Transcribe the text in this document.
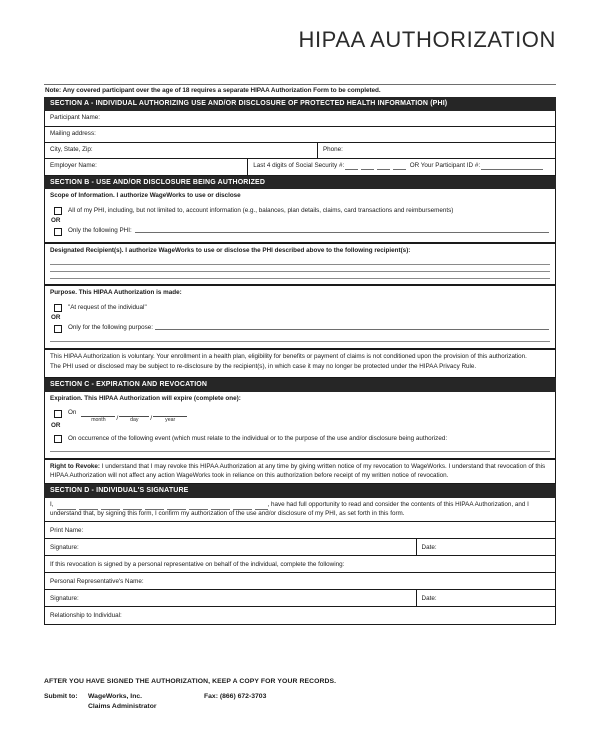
HIPAA AUTHORIZATION
Note: Any covered participant over the age of 18 requires a separate HIPAA Authorization Form to be completed.
SECTION A - INDIVIDUAL AUTHORIZING USE AND/OR DISCLOSURE OF PROTECTED HEALTH INFORMATION (PHI)
Participant Name:
Mailing address:
City, State, Zip:	Phone:
Employer Name:	Last 4 digits of Social Security #:	OR Your Participant ID #:
SECTION B - USE AND/OR DISCLOSURE BEING AUTHORIZED
Scope of Information. I authorize WageWorks to use or disclose
All of my PHI, including, but not limited to, account information (e.g., balances, plan details, claims, card transactions and reimbursements)
OR
Only the following PHI:
Designated Recipient(s). I authorize WageWorks to use or disclose the PHI described above to the following recipient(s):
Purpose. This HIPAA Authorization is made:
"At request of the individual"
OR
Only for the following purpose:
This HIPAA Authorization is voluntary. Your enrollment in a health plan, eligibility for benefits or payment of claims is not conditioned upon the provision of this authorization.
The PHI used or disclosed may be subject to re-disclosure by the recipient(s), in which case it may no longer be protected under the HIPAA Privacy Rule.
SECTION C - EXPIRATION AND REVOCATION
Expiration. This HIPAA Authorization will expire (complete one):
On
month	/	day	/	year
OR
On occurrence of the following event (which must relate to the individual or to the purpose of the use and/or disclosure being authorized:
Right to Revoke: I understand that I may revoke this HIPAA Authorization at any time by giving written notice of my revocation to WageWorks. I understand that revocation of this HIPAA Authorization will not affect any action WageWorks took in reliance on this authorization before receipt of my written notice of revocation.
SECTION D - INDIVIDUAL'S SIGNATURE
I,	, have had full opportunity to read and consider the contents of this HIPAA Authorization, and I understand that, by signing this form, I confirm my authorization of the use and/or disclosure of my PHI, as set forth in this form.
Print Name:
Signature:	Date:
If this revocation is signed by a personal representative on behalf of the individual, complete the following:
Personal Representative's Name:
Signature:	Date:
Relationship to Individual:
AFTER YOU HAVE SIGNED THE AUTHORIZATION, KEEP A COPY FOR YOUR RECORDS.
Submit to:	WageWorks, Inc.
Claims Administrator
Fax: (866) 672-3703
